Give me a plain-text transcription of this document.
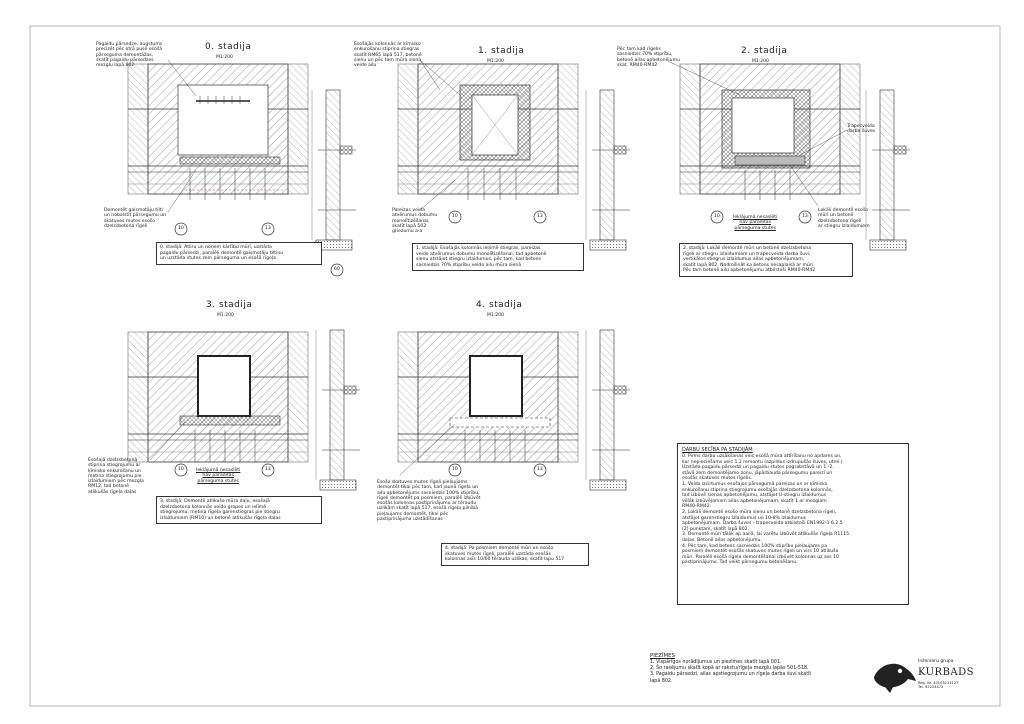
0. stadija
M1:200
1. stadija
M1:200
2. stadija
M1:200
3. stadija
M1:200
4. stadija
M1:200
10	13
10	13	10	13
10	13	10	13
60
Pagaidu pārsedze, augstums
precizēt pēc otrā pusē esošā
pārseguma demontāžas,
skatīt pagaidu pārsedzes
mezglu lapā 802
Demontēt gaismotāju tilti
un nobalstīt pārsegumu un
skatuves mutes esošo
dzelzsbetona rīgeli
Esošajās kolonnās ar ķīmisko
enkurošanu stiprina stiegras
skatīt RM65 lapā 517, betonē
sienu un pēc tam mūra sienā
veido ailu
Pareizas veida
atvērumus dobumu
monolītizēšanai,
skatīt lapā 502
griezumu a-a
Pēc tam kad rīgelis
sasniedzis 70% stiprību,
betonē ailas apbetonējumu
skat. RM40-RM42
Trapecveida
darba šuves
Lokāli demontē esošo
mūri un betonē
dzelzsbetona rīgeli
ar stiegru izlaidumiem
Ieklājumā nesaslēti
nav parādītas
pārseguma stutes
Esošajā dzelzsbetonā
stiprina stiegrojumu ar
ķīmisko enkurošanu un
metina stiegrojumu pie
izlaidumiem pēc mezgla
RM12, tad betonē
atlikušās rīgeļa daļas
Ieklājumā nesaslēti
nav parādītas
pārseguma stutes	Esošo skatuves mutes rīgeli pieļaujams
demontēt tikai pēc tam, kad jaunā rīgeļa un
ailu apbetonējums sasniedzis 100% stiprību,
rīgeli demontēt pa posmiem, paralēli izbūvēt
esošās kolonnas pastiprinājumu ar tēraudu
uzlikām skatīt lapā 517, esošā rīgeļa pilnībā
pieļaujams demontēt, tikai pēc
pastiprinājuma uzstādīšanas
0. stadijā: Atliru un noņem kārtību mūrī, uzstāda
pagaidu pārsedzi, paralēli demontē gaismotāju tiltiņu
un uzstāda stutes zem pārseguma un esošā rīgeļa
1. stadijā: Esošajās kolonnās ieliimē stiegras, pareizas
veido atvērumus dobumu monolītizēšanai, tad apbetonē
sienu atstājot stiegru izlaidumus, pēc tam, kad betons
sasniedzis 70% stiprību veido ailu mūra sienā
2. stadijā: Lokāli demontē mūri un betonē dzelzsbetona
rīgeli ar stiegru izlaidumiem un trapecveida darba šuvi,
vertikālos stiegrus izlaidumus ailas apbetonējumam,
skatīt lapā 802. Nodrošināt ka betons nesaplaisā ar mūri.
Pēc tam betonē ailu apbetonējumu atbilstoši RM40-RM42
3. stadijā: Demontē atlikušo mūra daļu, esošajā
dzelzsbetona kolonnās veido gropes un ielīmē
stiegrojumu, metina rīgeļa garenstiegras pie stiegru
izlaidumiem (RM10) un betonē atlikušās rīgeļa daļas
4. stadijā: Pa posmiem demontē mūri un esošo
skatuves mutes rīgeli, paralēli uzstāda esošās
kolonnas asīs 10/60 tērauda uzlikas, skatīt lapu 517
DARBU SECĪBA PA STADIJĀM
0. Pirms darbu uzsākšanas veic esošā mūra attīrīšanu no apdares un,
kur nepieciešams veic 1.2 remontu (azpildus izdrupušās šuves, utml.)
Uzstāda pagaidu pārsedzi un pagaidu stutes pagrabstāvā un 1.-2.
stāvā zem demontējamo zonu, jāpārbauda pārsegumu pareizi un
esošās skatuves mutes rīgelis.
1. Veido izcirtumus esošajos pārsegumā pareizas un ar ķīmisko
enkurošanu stiprina stiegrojumu esošajās dzelzsbetona kolonnās,
tad izbūvē sienas apbetonējumu, atstājot U-stiegru izlaidumus
vēlāk izbūvējamam ailas apbetonējumam, skatīt 1 ar mezglam
RM40-RM42.
2. Lokāli demontē esošo mūra sienu un betonē dzelzsbetona rīgeli,
atstājot garenstiegru izlaidumus un 10-8% izlaidumus
apbetonējumam. Darba šuves - trapecveida atbilstoši EN1992-1 6.2.5
(2) punktam, skatīt lapā 802.
3. Demontē mūri tālāk ap aailā, lai varētu izbūvēt atlikušās rīgeļa R1115
daļas. Betonē ailas apbetonējumu.
4. Pēc tam, kad betons sasniedzis 100% stiprību pieļaujams pa
posmiem demontēt esošās skatuves mutes rīgeli un virs 10 atlikušo
mūri. Paralēli esošā rīgeļa demontēšanai izbūvēt kolonnas uz ass 10
pastiprinājumu. Tad veikt pārsegumu betonēšanu.
PIEZĪMES
1. Vispārīgos norādījumus un piezīmes skatīt lapā 001.
2. Šo rasējumu skatīt kopā ar rakstu/rīgeļa mezglu lapās 501-518.
3. Pagaidu pārsedzi, ailas apstiegrojumu un rīgeļa darba šuvi skatīt
lapā 802.
Inženieru grupa
KURBADS
Reģ. Nr. 40103213127
Tel. 67224472
